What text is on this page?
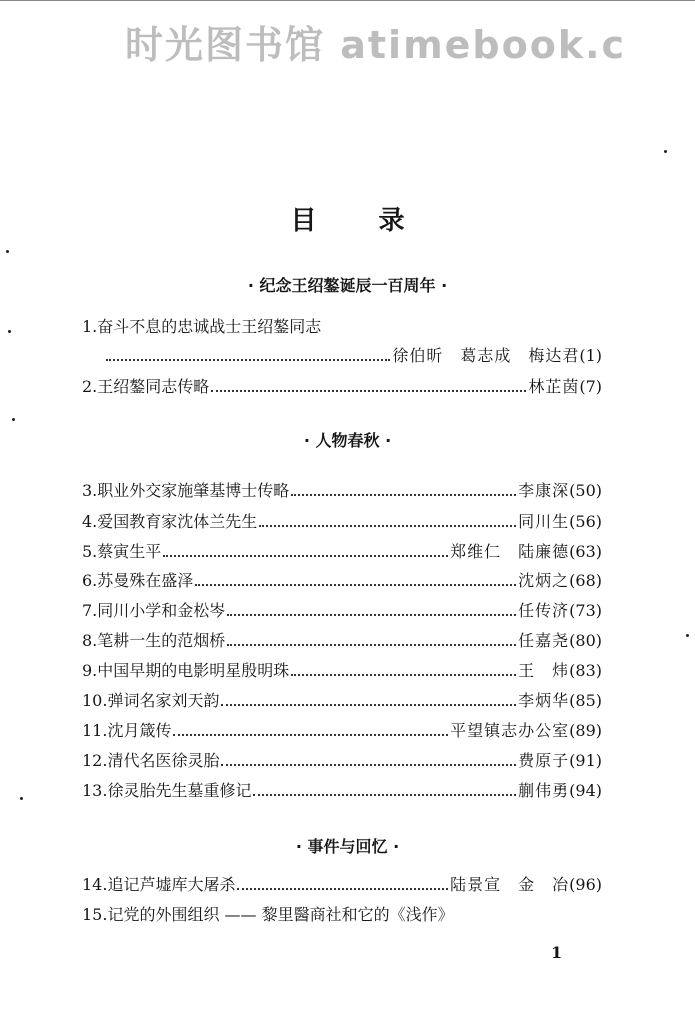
时光图书馆 atimebook.c
目 录
· 纪念王绍鏊诞辰一百周年 ·
1. 奋斗不息的忠诚战士王绍鏊同志
徐伯昕　葛志成　梅达君 (1)
2. 王绍鏊同志传略	林芷茵 (7)
· 人物春秋 ·
3. 职业外交家施肇基博士传略	李康深 (50)
4. 爱国教育家沈体兰先生	同川生 (56)
5. 蔡寅生平	郑维仁　陆廉德 (63)
6. 苏曼殊在盛泽	沈炳之 (68)
7. 同川小学和金松岑	任传济 (73)
8. 笔耕一生的范烟桥	任嘉尧 (80)
9. 中国早期的电影明星殷明珠	王　炜 (83)
10. 弹词名家刘天韵	李炳华 (85)
11. 沈月箴传	平望镇志办公室 (89)
12. 清代名医徐灵胎	费原子 (91)
13. 徐灵胎先生墓重修记	蒯伟勇 (94)
· 事件与回忆 ·
14. 追记芦墟库大屠杀	陆景宣　金　冶 (96)
15. 记党的外围组织 —— 黎里醫商社和它的《浅作》
1
